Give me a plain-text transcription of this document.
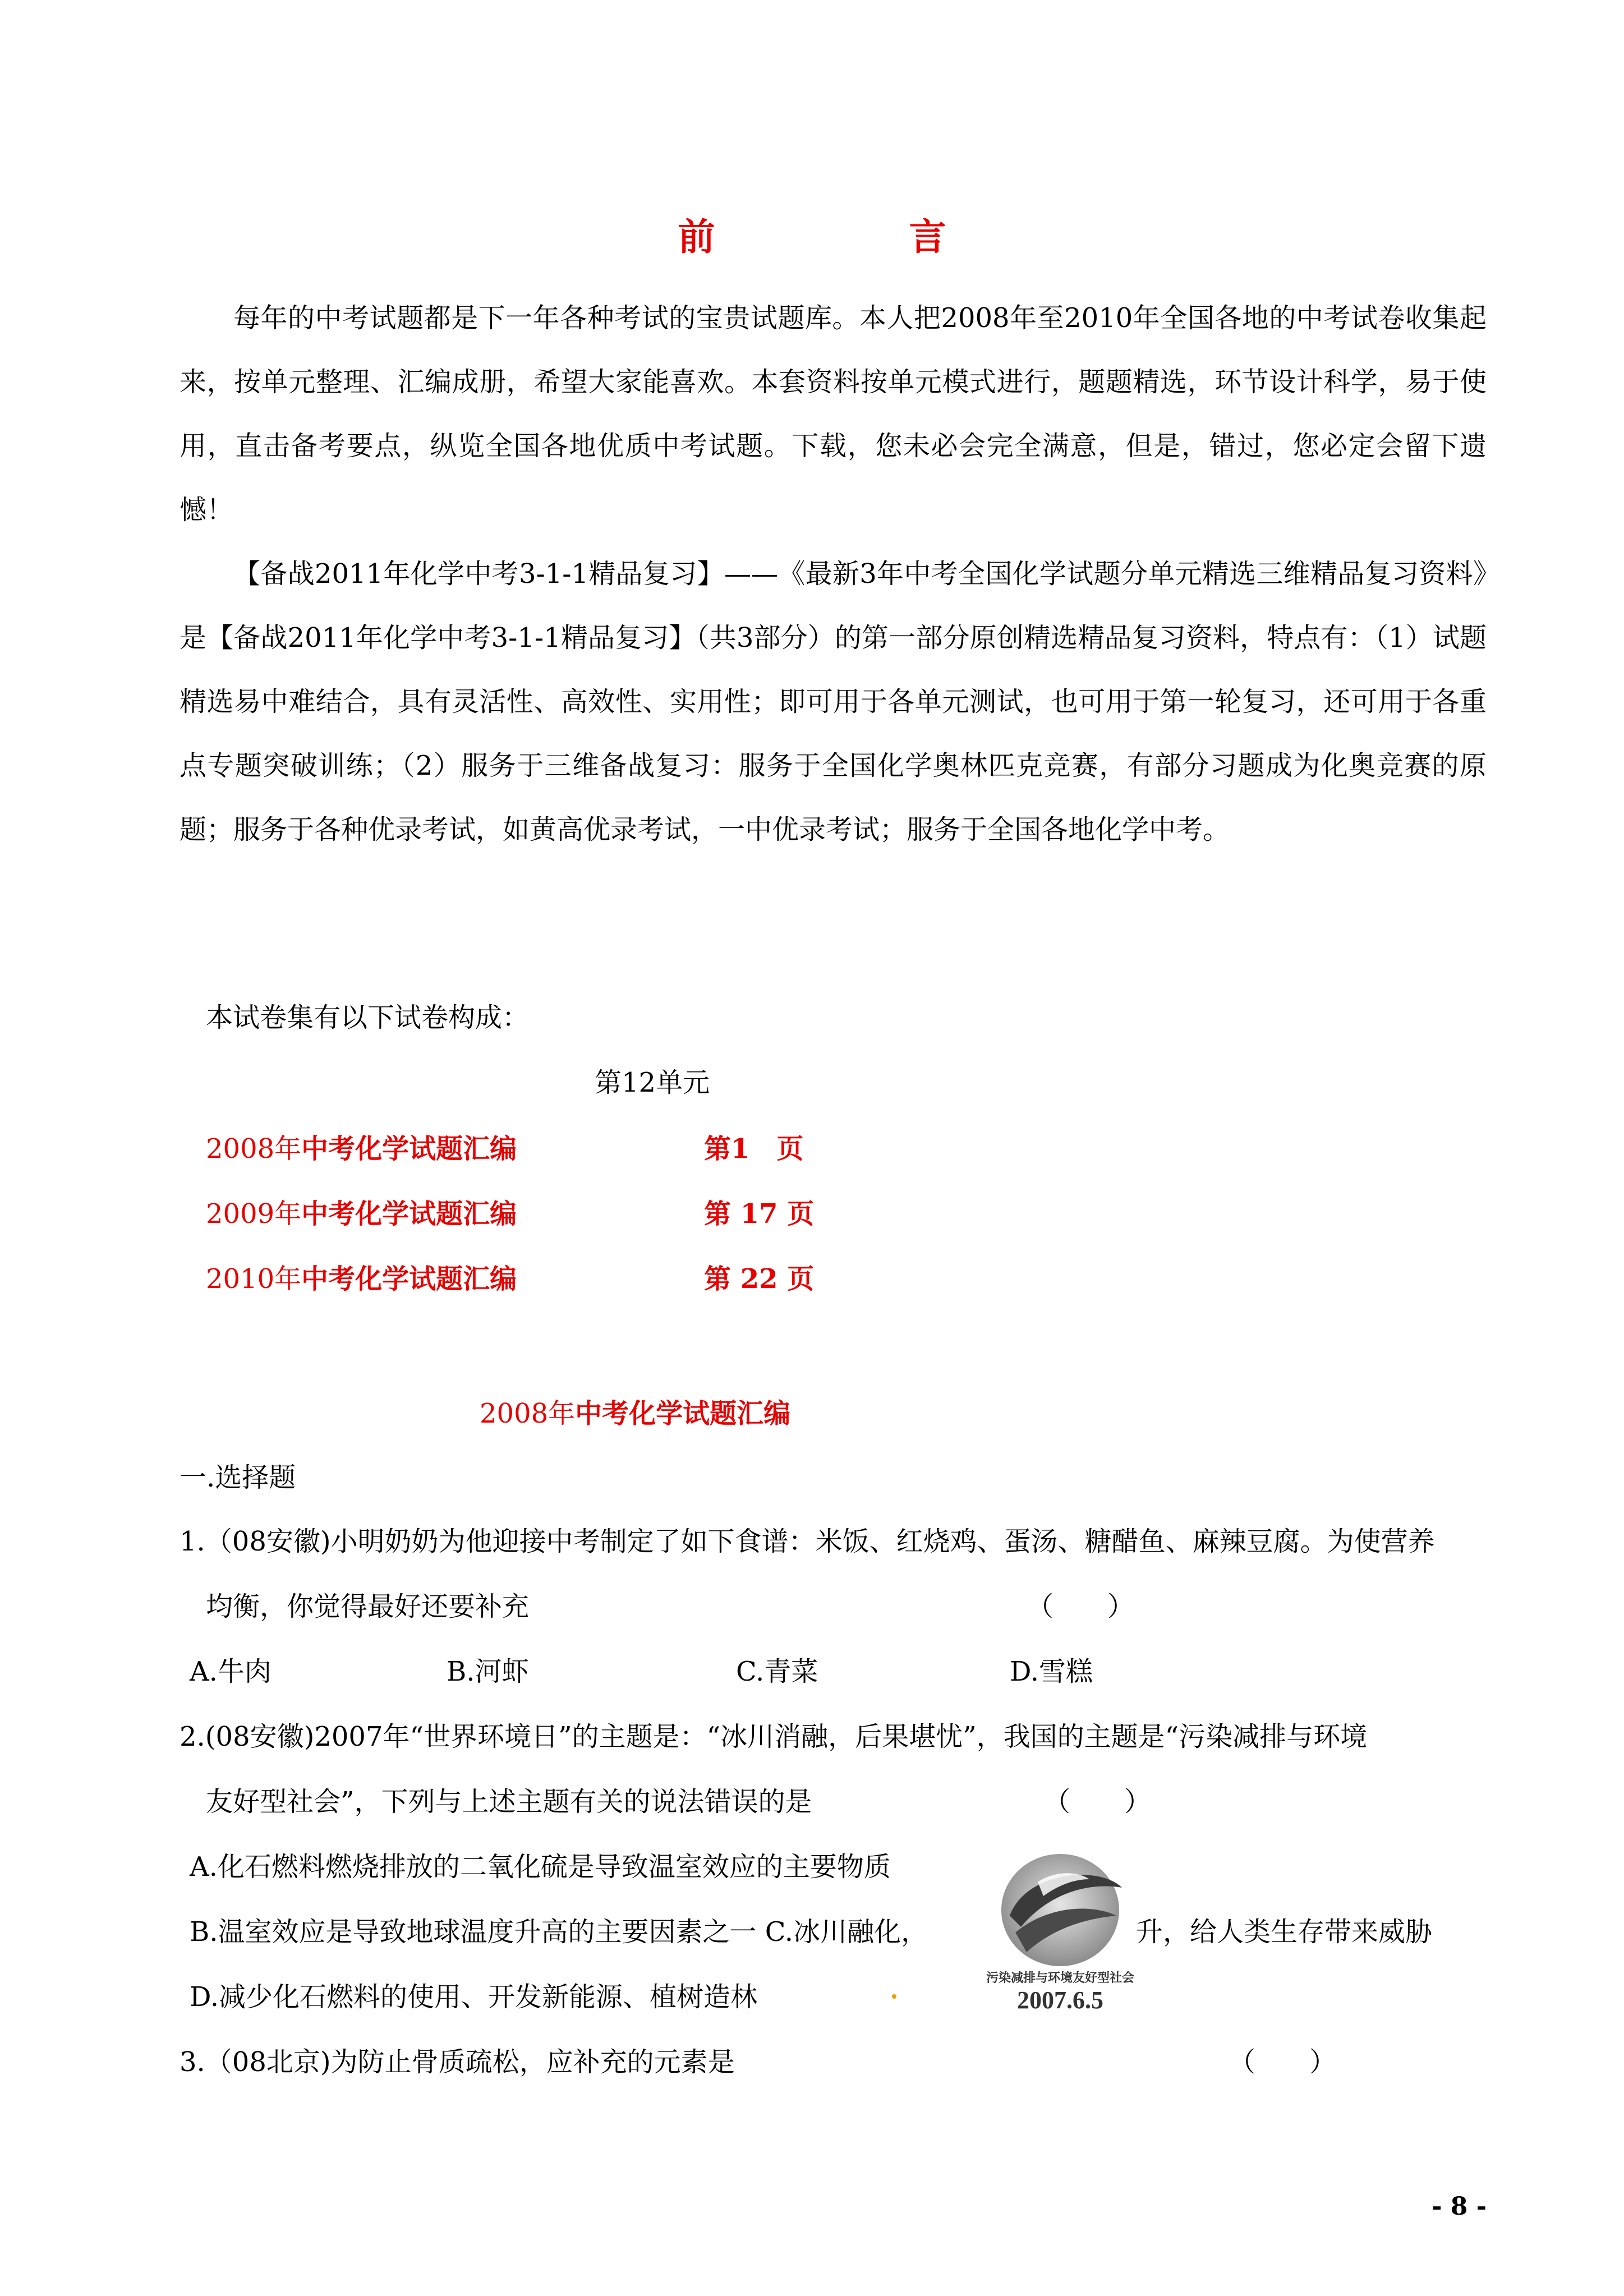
前　言
每年的中考试题都是下一年各种考试的宝贵试题库。本人把2008年至2010年全国各地的中考试卷收集起来，按单元整理、汇编成册，希望大家能喜欢。本套资料按单元模式进行，题题精选，环节设计科学，易于使用，直击备考要点，纵览全国各地优质中考试题。下载，您未必会完全满意，但是，错过，您必定会留下遗憾！
【备战2011年化学中考3-1-1精品复习】——《最新3年中考全国化学试题分单元精选三维精品复习资料》是【备战2011年化学中考3-1-1精品复习】（共3部分）的第一部分原创精选精品复习资料，特点有：（1）试题精选易中难结合，具有灵活性、高效性、实用性；即可用于各单元测试，也可用于第一轮复习，还可用于各重点专题突破训练；（2）服务于三维备战复习：服务于全国化学奥林匹克竞赛，有部分习题成为化奥竞赛的原题；服务于各种优录考试，如黄高优录考试，一中优录考试；服务于全国各地化学中考。
本试卷集有以下试卷构成：
第12单元
2008年中考化学试题汇编	第1　页
2009年中考化学试题汇编	第 17 页
2010年中考化学试题汇编	第 22 页
2008年中考化学试题汇编
一.选择题
1.（08安徽)小明奶奶为他迎接中考制定了如下食谱：米饭、红烧鸡、蛋汤、糖醋鱼、麻辣豆腐。为使营养
均衡，你觉得最好还要补充	（　　）
A.牛肉	B.河虾	C.青菜	D.雪糕
2.(08安徽)2007年“世界环境日”的主题是：“冰川消融，后果堪忧”，我国的主题是“污染减排与环境
友好型社会”，下列与上述主题有关的说法错误的是	（　　）
A.化石燃料燃烧排放的二氧化硫是导致温室效应的主要物质
B.温室效应是导致地球温度升高的主要因素之一 C.冰川融化，	升，给人类生存带来威胁
D.减少化石燃料的使用、开发新能源、植树造林
污染减排与环境友好型社会
2007.6.5
3.（08北京)为防止骨质疏松，应补充的元素是	（　　）
- 8 -
